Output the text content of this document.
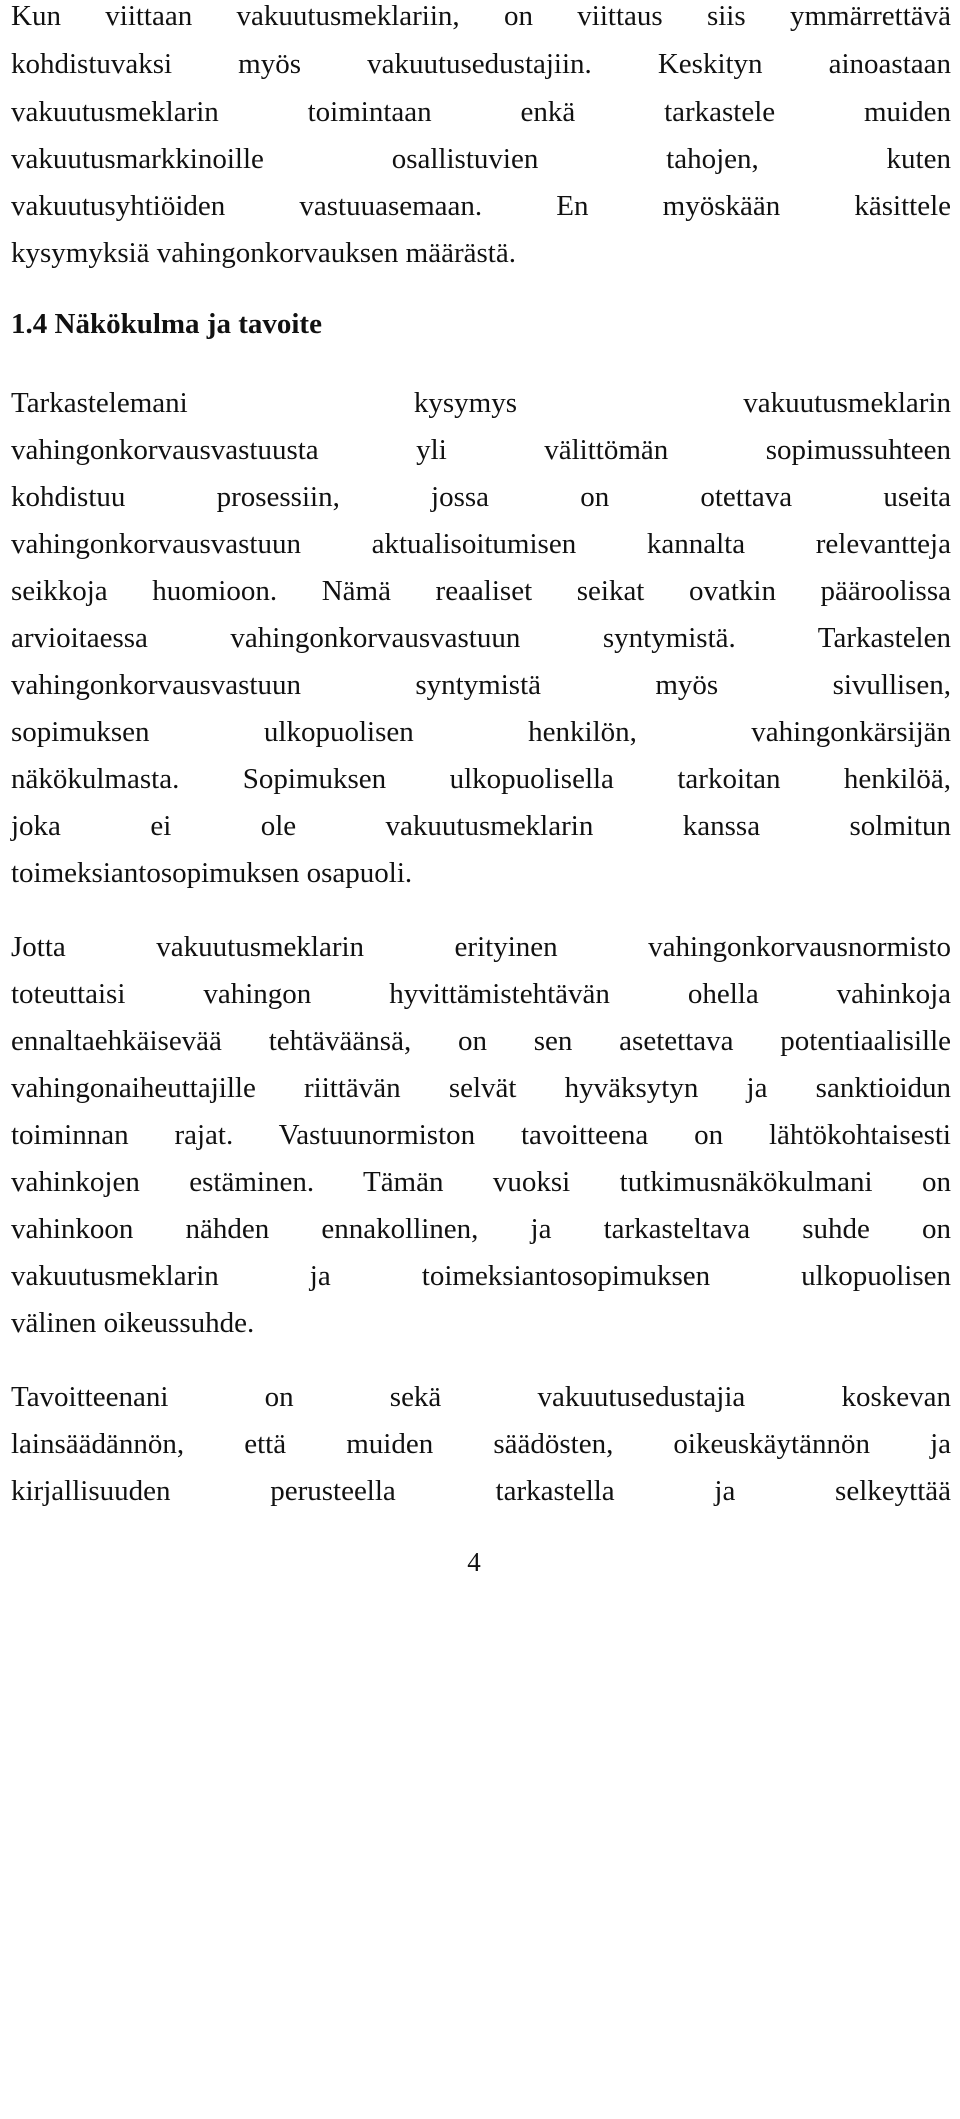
Kun viittaan vakuutusmeklariin, on viittaus siis ymmärrettävä
kohdistuvaksi myös vakuutusedustajiin. Keskityn ainoastaan
vakuutusmeklarin toimintaan enkä tarkastele muiden
vakuutusmarkkinoille osallistuvien tahojen, kuten
vakuutusyhtiöiden vastuuasemaan. En myöskään käsittele
kysymyksiä vahingonkorvauksen määrästä.
1.4 Näkökulma ja tavoite
Tarkastelemani kysymys vakuutusmeklarin
vahingonkorvausvastuusta yli välittömän sopimussuhteen
kohdistuu prosessiin, jossa on otettava useita
vahingonkorvausvastuun aktualisoitumisen kannalta relevantteja
seikkoja huomioon. Nämä reaaliset seikat ovatkin pääroolissa
arvioitaessa vahingonkorvausvastuun syntymistä. Tarkastelen
vahingonkorvausvastuun syntymistä myös sivullisen,
sopimuksen ulkopuolisen henkilön, vahingonkärsijän
näkökulmasta. Sopimuksen ulkopuolisella tarkoitan henkilöä,
joka ei ole vakuutusmeklarin kanssa solmitun
toimeksiantosopimuksen osapuoli.
Jotta vakuutusmeklarin erityinen vahingonkorvausnormisto
toteuttaisi vahingon hyvittämistehtävän ohella vahinkoja
ennaltaehkäisevää tehtäväänsä, on sen asetettava potentiaalisille
vahingonaiheuttajille riittävän selvät hyväksytyn ja sanktioidun
toiminnan rajat. Vastuunormiston tavoitteena on lähtökohtaisesti
vahinkojen estäminen. Tämän vuoksi tutkimusnäkökulmani on
vahinkoon nähden ennakollinen, ja tarkasteltava suhde on
vakuutusmeklarin ja toimeksiantosopimuksen ulkopuolisen
välinen oikeussuhde.
Tavoitteenani on sekä vakuutusedustajia koskevan
lainsäädännön, että muiden säädösten, oikeuskäytännön ja
kirjallisuuden perusteella tarkastella ja selkeyttää
4
